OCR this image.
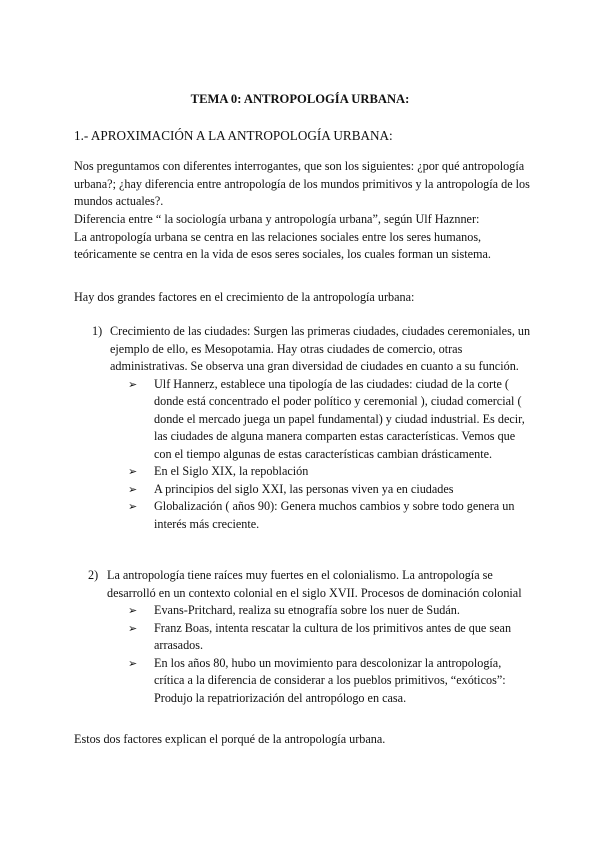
TEMA 0: ANTROPOLOGÍA URBANA:
1.- APROXIMACIÓN A LA ANTROPOLOGÍA URBANA:

Nos preguntamos con diferentes interrogantes, que son los siguientes: ¿por qué antropología urbana?; ¿hay diferencia entre antropología de los mundos primitivos y la antropología de los mundos actuales?.

Diferencia entre “ la sociología urbana y antropología urbana”, según Ulf Haznner:
La antropología urbana se centra en las relaciones sociales entre los seres humanos, teóricamente se centra en la vida de esos seres sociales, los cuales forman un sistema.

Hay dos grandes factores en el crecimiento de la antropología urbana:

1) Crecimiento de las ciudades: Surgen las primeras ciudades, ciudades ceremoniales, un ejemplo de ello, es Mesopotamia. Hay otras ciudades de comercio, otras administrativas. Se observa una gran diversidad de ciudades en cuanto a su función.
➢ Ulf Hannerz, establece una tipología de las ciudades: ciudad de la corte ( donde está concentrado el poder político y ceremonial ), ciudad comercial ( donde el mercado juega un papel fundamental) y ciudad industrial. Es decir, las ciudades de alguna manera comparten estas características. Vemos que con el tiempo algunas de estas características cambian drásticamente.
➢ En el Siglo XIX, la repoblación
➢ A principios del siglo XXI, las personas viven ya en ciudades
➢ Globalización ( años 90): Genera muchos cambios y sobre todo genera un interés más creciente.
2) La antropología tiene raíces muy fuertes en el colonialismo. La antropología se desarrolló en un contexto colonial en el siglo XVII. Procesos de dominación colonial
➢ Evans-Pritchard, realiza su etnografía sobre los nuer de Sudán.
➢ Franz Boas, intenta rescatar la cultura de los primitivos antes de que sean arrasados.
➢ En los años 80, hubo un movimiento para descolonizar la antropología, crítica a la diferencia de considerar a los pueblos primitivos, “exóticos”: Produjo la repatriorización del antropólogo en casa.

Estos dos factores explican el porqué de la antropología urbana.
